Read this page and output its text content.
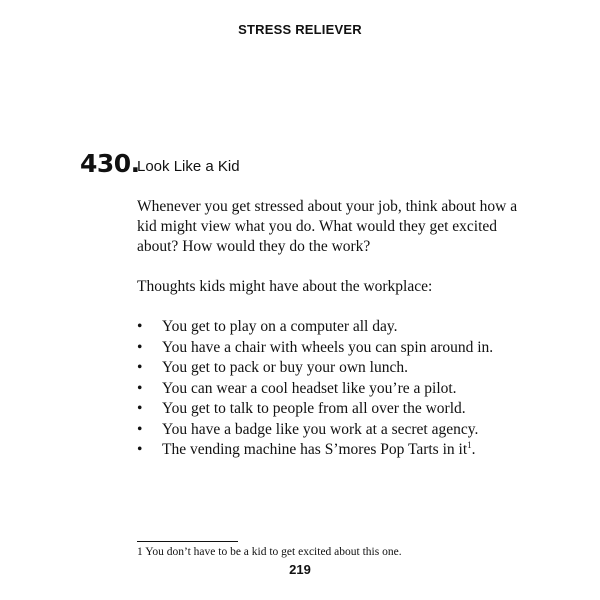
STRESS RELIEVER
430.
Look Like a Kid
Whenever you get stressed about your job, think about how a kid might view what you do. What would they get excited about? How would they do the work?
Thoughts kids might have about the workplace:
• You get to play on a computer all day.
• You have a chair with wheels you can spin around in.
• You get to pack or buy your own lunch.
• You can wear a cool headset like you’re a pilot.
• You get to talk to people from all over the world.
• You have a badge like you work at a secret agency.
• The vending machine has S’mores Pop Tarts in $it^1$.
1 You don’t have to be a kid to get excited about this one.
219
